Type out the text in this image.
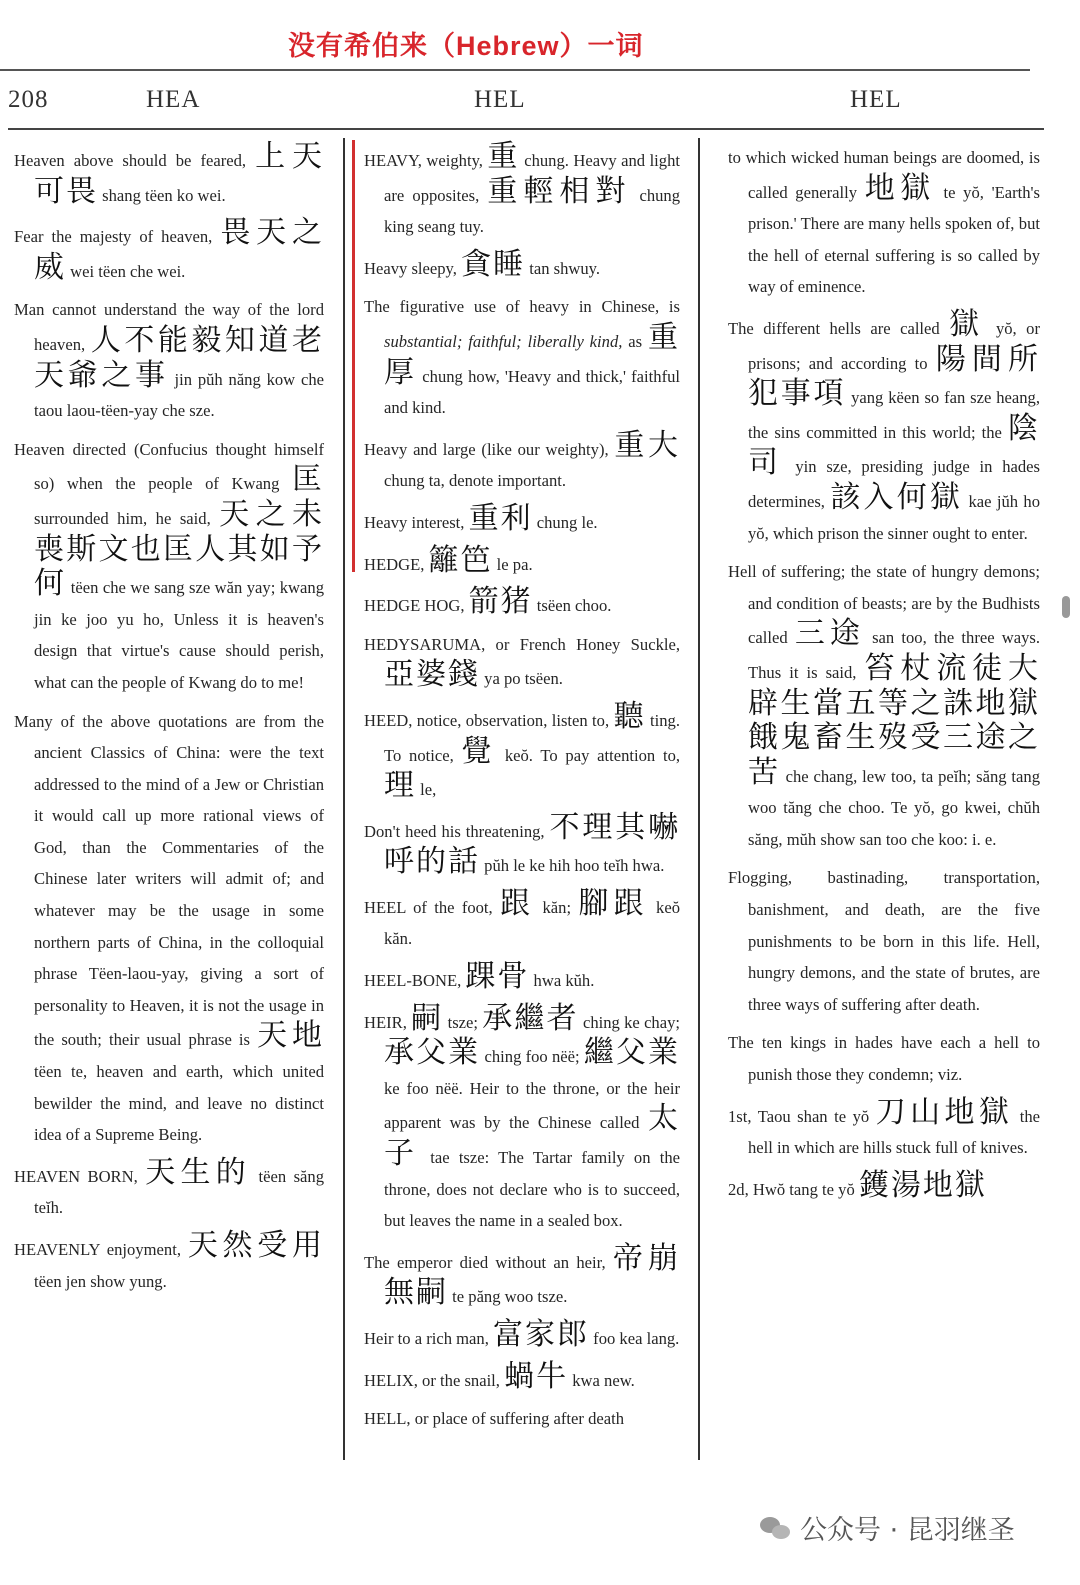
没有希伯来（Hebrew）一词
208	HEA	HEL	HEL
Heaven above should be feared, 上天可畏 shang tëen ko wei.
Fear the majesty of heaven, 畏天之威 wei tëen che wei.
Man cannot understand the way of the lord heaven, 人不能毅知道老天爺之事 jin pŭh năng kow che taou laou-tëen-yay che sze.
Heaven directed (Confucius thought himself so) when the people of Kwang 匡 surrounded him, he said, 天之未喪斯文也匡人其如予何 tëen che we sang sze wăn yay; kwang jin ke joo yu ho, Unless it is heaven's design that virtue's cause should perish, what can the people of Kwang do to me!
Many of the above quotations are from the ancient Classics of China: were the text addressed to the mind of a Jew or Christian it would call up more rational views of God, than the Commentaries of the Chinese later writers will admit of; and whatever may be the usage in some northern parts of China, in the colloquial phrase Tëen-laou-yay, giving a sort of personality to Heaven, it is not the usage in the south; their usual phrase is 天地 tëen te, heaven and earth, which united bewilder the mind, and leave no distinct idea of a Supreme Being.
HEAVEN BORN, 天生的 tëen săng teĭh.
HEAVENLY enjoyment, 天然受用 tëen jen show yung.
HEAVY, weighty, 重 chung. Heavy and light are opposites, 重輕相對 chung king seang tuy.
Heavy sleepy, 貪睡 tan shwuy.
The figurative use of heavy in Chinese, is substantial; faithful; liberally kind, as 重厚 chung how, 'Heavy and thick,' faithful and kind.
Heavy and large (like our weighty), 重大 chung ta, denote important.
Heavy interest, 重利 chung le.
HEDGE, 籬笆 le pa.
HEDGE HOG, 箭猪 tsëen choo.
HEDYSARUMA, or French Honey Suckle, 亞婆錢 ya po tsëen.
HEED, notice, observation, listen to, 聽 ting. To notice, 覺 keŏ. To pay attention to, 理 le,
Don't heed his threatening, 不理其嚇呼的話 pŭh le ke hih hoo teĭh hwa.
HEEL of the foot, 跟 kăn; 腳跟 keŏ kăn.
HEEL-BONE, 踝骨 hwa kŭh.
HEIR, 嗣 tsze; 承繼者 ching ke chay; 承父業 ching foo nëë; 繼父業 ke foo nëë. Heir to the throne, or the heir apparent was by the Chinese called 太子 tae tsze: The Tartar family on the throne, does not declare who is to succeed, but leaves the name in a sealed box.
The emperor died without an heir, 帝崩無嗣 te păng woo tsze.
Heir to a rich man, 富家郎 foo kea lang.
HELIX, or the snail, 蝸牛 kwa new.
HELL, or place of suffering after death
to which wicked human beings are doomed, is called generally 地獄 te yŏ, 'Earth's prison.' There are many hells spoken of, but the hell of eternal suffering is so called by way of eminence.
The different hells are called 獄 yŏ, or prisons; and according to 陽間所犯事項 yang këen so fan sze heang, the sins committed in this world; the 陰司 yin sze, presiding judge in hades determines, 該入何獄 kae jŭh ho yŏ, which prison the sinner ought to enter.
Hell of suffering; the state of hungry demons; and condition of beasts; are by the Budhists called 三途 san too, the three ways. Thus it is said, 笞杖流徒大辟生當五等之誅地獄餓鬼畜生歿受三途之苦 che chang, lew too, ta peĭh; săng tang woo tăng che choo. Te yŏ, go kwei, chŭh săng, mŭh show san too che koo: i. e.
Flogging, bastinading, transportation, banishment, and death, are the five punishments to be born in this life. Hell, hungry demons, and the state of brutes, are three ways of suffering after death.
The ten kings in hades have each a hell to punish those they condemn; viz.
1st, Taou shan te yŏ 刀山地獄 the hell in which are hills stuck full of knives.
2d, Hwŏ tang te yŏ 鑊湯地獄
公众号 · 昆羽继圣
